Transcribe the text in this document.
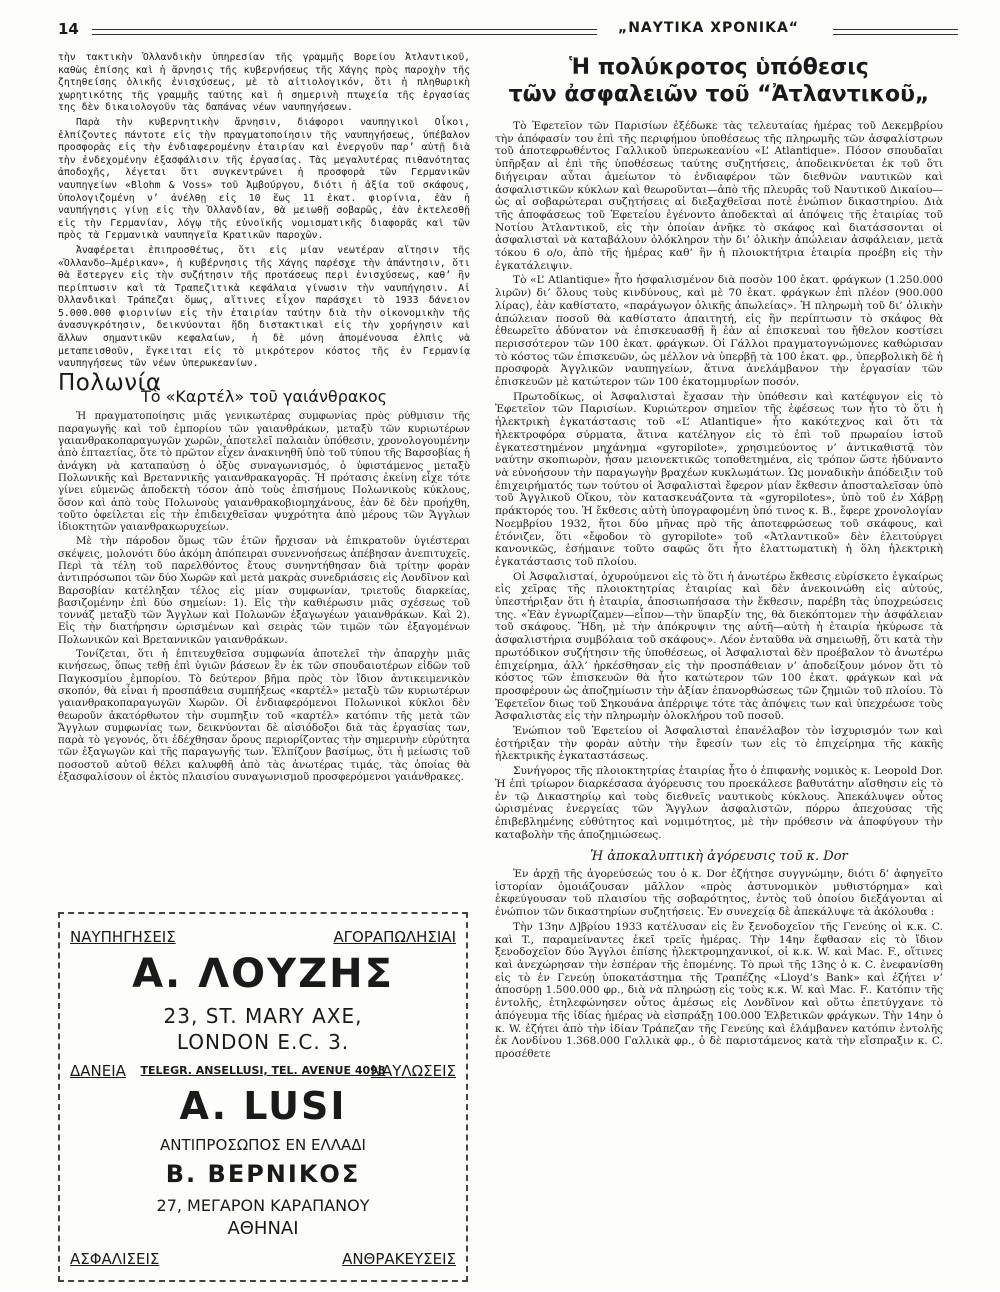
14	„ΝΑΥΤΙΚΑ ΧΡΟΝΙΚΑ“

τὴν τακτικὴν Ὁλλανδικὴν ὑπηρεσίαν τῆς γραμμῆς Βορείου Ἀτλαντικοῦ, καθὼς ἐπίσης καὶ ἡ ἄρνησις τῆς κυβερνήσεως τῆς Χάγης πρὸς παροχὴν τῆς ζητηθείσης ὁλικῆς ἐνισχύσεως, μὲ τὸ αἰτιολογικόν, ὅτι ἡ πληθωρικὴ χωρητικότης τῆς γραμμῆς ταύτης καὶ ἡ σημερινὴ πτωχεία τῆς ἐργασίας της δὲν δικαιολογοῦν τὰς δαπάνας νέων ναυπηγήσεων.

Παρὰ τὴν κυβερνητικὴν ἄρνησιν, διάφοροι ναυπηγικοὶ Οἶκοι, ἐλπίζοντες πάντοτε εἰς τὴν πραγματοποίησιν τῆς ναυπηγήσεως, ὑπέβαλον προσφορὰς εἰς τὴν ἐνδιαφερομένην ἑταιρίαν καὶ ἐνεργοῦν παρ’ αὐτῇ διὰ τὴν ἐνδεχομένην ἐξασφάλισιν τῆς ἐργασίας. Τὰς μεγαλυτέρας πιθανότητας ἀποδοχῆς, λέγεται ὅτι συγκεντρώνει ἡ προσφορὰ τῶν Γερμανικῶν ναυπηγείων «Blohm & Voss» τοῦ Ἀμβούργου, διότι ἡ ἀξία τοῦ σκάφους, ὑπολογιζομένη ν’ ἀνέλθῃ εἰς 10 ἕως 11 ἑκατ. φιορίνια, ἐὰν ἡ ναυπήγησις γίνῃ εἰς τὴν Ὁλλανδίαν, θὰ μειωθῇ σοβαρῶς, ἐὰν ἐκτελεσθῇ εἰς τὴν Γερμανίαν, λόγῳ τῆς εὐνοϊκῆς νομισματικῆς διαφορᾶς καὶ τῶν πρὸς τὰ Γερμανικὰ ναυπηγεῖα Κρατικῶν παροχῶν.

Ἀναφέρεται ἐπιπροσθέτως, ὅτι εἰς μίαν νεωτέραν αἴτησιν τῆς «Ὁλλανδο—Ἀμέρικαν», ἡ κυβέρνησις τῆς Χάγης παρέσχε τὴν ἀπάντησιν, ὅτι θὰ ἔστεργεν εἰς τὴν συζήτησιν τῆς προτάσεως περὶ ἐνισχύσεως, καθ’ ἣν περίπτωσιν καὶ τὰ Τραπεζιτικὰ κεφάλαια γίνωσιν τὴν ναυπήγησιν. Αἱ Ὁλλανδικαὶ Τράπεζαι ὅμως, αἵτινες εἶχον παράσχει τὸ 1933 δάνειον 5.000.000 φιορινίων εἰς τὴν ἑταιρίαν ταύτην διὰ τὴν οἰκονομικὴν τῆς ἀνασυγκρότησιν, δεικνύονται ἤδη διστακτικαὶ εἰς τὴν χορήγησιν καὶ ἄλλων σημαντικῶν κεφαλαίων, ἡ δὲ μόνη ἀπομένουσα ἐλπὶς νὰ μεταπεισθοῦν, ἔγκειται εἰς τὸ μικρότερον κόστος τῆς ἐν Γερμανίᾳ ναυπηγήσεως τῶν νέων ὑπερωκεανίων.

Πολωνία
Τὸ «Καρτέλ» τοῦ γαιάνθρακος

Ἡ πραγματοποίησις μιᾶς γενικωτέρας συμφωνίας πρὸς ρύθμισιν τῆς παραγωγῆς καὶ τοῦ ἐμπορίου τῶν γαιανθράκων, μεταξὺ τῶν κυριωτέρων γαιανθρακοπαραγωγῶν χωρῶν, ἀποτελεῖ παλαιὰν ὑπόθεσιν, χρονολογουμένην ἀπὸ ἑπταετίας, ὅτε τὸ πρῶτον εἶχεν ἀνακινηθῆ ὑπὸ τοῦ τύπου τῆς Βαρσοβίας ἡ ἀνάγκη νὰ καταπαύσῃ ὁ ὀξὺς συναγωνισμός, ὁ ὑφιστάμενος μεταξὺ Πολωνικῆς καὶ Βρεταννικῆς γαιανθρακαγορᾶς. Ἡ πρότασις ἐκείνη εἶχε τότε γίνει εὐμενῶς ἀποδεκτὴ τόσον ἀπὸ τοὺς ἐπισήμους Πολωνικοὺς κύκλους, ὅσον καὶ ἀπὸ τοὺς Πολωνοὺς γαιανθρακοβιομηχάνους, ἐὰν δὲ δὲν προήχθη, τοῦτο ὀφείλεται εἰς τὴν ἐπιδειχθεῖσαν ψυχρότητα ἀπὸ μέρους τῶν Ἄγγλων ἰδιοκτητῶν γαιανθρακωρυχείων.

Μὲ τὴν πάροδον ὅμως τῶν ἐτῶν ἤρχισαν νὰ ἐπικρατοῦν ὑγιέστεραι σκέψεις, μολονότι δύο ἀκόμη ἀπόπειραι συνεννοήσεως ἀπέβησαν ἀνεπιτυχεῖς. Περὶ τὰ τέλη τοῦ παρελθόντος ἔτους συνηντήθησαν διὰ τρίτην φορὰν ἀντιπρόσωποι τῶν δύο Χωρῶν καὶ μετὰ μακρὰς συνεδριάσεις εἰς Λονδῖνον καὶ Βαρσοβίαν κατέληξαν τέλος εἰς μίαν συμφωνίαν, τριετοῦς διαρκείας, βασιζομένην ἐπὶ δύο σημείων: 1). Εἰς τὴν καθιέρωσιν μιᾶς σχέσεως τοῦ τοννάζ μεταξὺ τῶν Ἄγγλων καὶ Πολωνῶν ἐξαγωγέων γαιανθράκων. Καὶ 2). Εἰς τὴν διατήρησιν ὡρισμένων καὶ σειρὰς τῶν τιμῶν τῶν ἐξαγομένων Πολωνικῶν καὶ Βρεταννικῶν γαιανθράκων.

Τονίζεται, ὅτι ἡ ἐπιτευχθεῖσα συμφωνία ἀποτελεῖ τὴν ἀπαρχὴν μιᾶς κινήσεως, ὅπως τεθῇ ἐπὶ ὑγιῶν βάσεων ἓν ἐκ τῶν σπουδαιοτέρων εἰδῶν τοῦ Παγκοσμίου ἐμπορίου. Τὸ δεύτερον βῆμα πρὸς τὸν ἴδιον ἀντικειμενικὸν σκοπόν, θὰ εἶναι ἡ προσπάθεια συμπήξεως «καρτέλ» μεταξὺ τῶν κυριωτέρων γαιανθρακοπαραγωγῶν Χωρῶν. Οἱ ἐνδιαφερόμενοι Πολωνικοὶ κύκλοι δὲν θεωροῦν ἀκατόρθωτον τὴν συμπηξιν τοῦ «καρτέλ» κατόπιν τῆς μετὰ τῶν Ἄγγλων συμφωνίας των, δεικνύονται δὲ αἰσιόδοξοι διὰ τὰς ἐργασίας των, παρὰ τὸ γεγονός, ὅτι ἐδέχθησαν ὅρους περιορίζοντας τὴν σημερινὴν εὐρύτητα τῶν ἐξαγωγῶν καὶ τῆς παραγωγῆς των. Ἐλπίζουν βασίμως, ὅτι ἡ μείωσις τοῦ ποσοστοῦ αὐτοῦ θέλει καλυφθῆ ἀπὸ τὰς ἀνωτέρας τιμάς, τὰς ὁποίας θὰ ἐξασφαλίσουν οἱ ἐκτὸς πλαισίου συναγωνισμοῦ προσφερόμενοι γαιάνθρακες.

ΝΑΥΠΗΓΗΣΕΙΣ	ΑΓΟΡΑΠΩΛΗΣΙΑΙ
Α. ΛΟΥΖΗΣ
23, ST. MARY AXE,
LONDON E.C. 3.
ΔΑΝΕΙΑ	TELEGR. ANSELLUSI, TEL. AVENUE 4098
ΝΑΥΛΩΣΕΙΣ
A. LUSI
ΑΝΤΙΠΡΟΣΩΠΟΣ ΕΝ ΕΛΛΑΔΙ
Β. ΒΕΡΝΙΚΟΣ
27, ΜΕΓΑΡΟΝ ΚΑΡΑΠΑΝΟΥ
ΑΘΗΝΑΙ
ΑΣΦΑΛΙΣΕΙΣ	ΑΝΘΡΑΚΕΥΣΕΙΣ
Ἡ πολύκροτος ὑπόθεσις
τῶν ἀσφαλειῶν τοῦ “Ἀτλαντικοῦ„

Τὸ Ἐφετεῖον τῶν Παρισίων ἐξέδωκε τὰς τελευταίας ἡμέρας τοῦ Δεκεμβρίου τὴν ἀπόφασίν του ἐπὶ τῆς περιφήμου ὑποθέσεως τῆς πληρωμῆς τῶν ἀσφαλίστρων τοῦ ἀποτεφρωθέντος Γαλλικοῦ ὑπερωκεανίου «L’ Atlantique». Πόσον σπουδαῖαι ὑπῆρξαν αἱ ἐπὶ τῆς ὑποθέσεως ταύτης συζητήσεις, ἀποδεικνύεται ἐκ τοῦ ὅτι διήγειραν αὗται ἀμείωτον τὸ ἐνδιαφέρον τῶν διεθνῶν ναυτικῶν καὶ ἀσφαλιστικῶν κύκλων καὶ θεωροῦνται—ἀπὸ τῆς πλευρᾶς τοῦ Ναυτικοῦ Δικαίου—ὡς αἱ σοβαρώτεραι συζητήσεις αἱ διεξαχθεῖσαι ποτὲ ἐνώπιον δικαστηρίου. Διὰ τῆς ἀποφάσεως τοῦ Ἐφετείου ἐγένοντο ἀποδεκταὶ αἱ ἀπόψεις τῆς ἑταιρίας τοῦ Νοτίου Ἀτλαντικοῦ, εἰς τὴν ὁποίαν ἀνῆκε τὸ σκάφος καὶ διατάσσονται οἱ ἀσφαλισταὶ νὰ καταβάλουν ὁλόκληρον τὴν δι’ ὁλικὴν ἀπώλειαν ἀσφάλειαν, μετὰ τόκου 6 ο/ο, ἀπὸ τῆς ἡμέρας καθ’ ἣν ἡ πλοιοκτήτρια ἑταιρία προέβη εἰς τὴν ἐγκατάλειψιν.

Τὸ «L’ Atlantique» ἦτο ἠσφαλισμένον διὰ ποσὸν 100 ἑκατ. φράγκων (1.250.000 λιρῶν) δι’ ὅλους τοὺς κινδύνους, καὶ μὲ 70 ἑκατ. φράγκων ἐπὶ πλέον (900.000 λίρας), ἐὰν καθίστατο, «παράγωγον ὁλικῆς ἀπωλείας». Ἡ πληρωμὴ τοῦ δι’ ὁλικὴν ἀπώλειαν ποσοῦ θὰ καθίστατο ἀπαιτητή, εἰς ἣν περίπτωσιν τὸ σκάφος θὰ ἐθεωρεῖτο ἀδύνατον νὰ ἐπισκευασθῇ ἢ ἐὰν αἱ ἐπισκευαὶ του ἤθελον κοστίσει περισσότερον τῶν 100 ἑκατ. φράγκων. Οἱ Γάλλοι πραγματογνώμονες καθώρισαν τὸ κόστος τῶν ἐπισκευῶν, ὡς μέλλον νὰ ὑπερβῇ τὰ 100 ἑκατ. φρ., ὑπερβολικὴ δὲ ἡ προσφορὰ Ἀγγλικῶν ναυπηγείων, ἅτινα ἀνελάμβανον τὴν ἐργασίαν τῶν ἐπισκευῶν μὲ κατώτερον τῶν 100 ἑκατομμυρίων ποσόν.

Πρωτοδίκως, οἱ Ἀσφαλισταὶ ἔχασαν τὴν ὑπόθεσιν καὶ κατέφυγον εἰς τὸ Ἐφετεῖον τῶν Παρισίων. Κυριώτερον σημεῖον τῆς ἐφέσεως των ἦτο τὸ ὅτι ἡ ἠλεκτρικὴ ἐγκατάστασις τοῦ «L’ Atlantique» ἦτο κακότεχνος καὶ ὅτι τὰ ἠλεκτροφόρα σύρματα, ἅτινα κατέληγον εἰς τὸ ἐπὶ τοῦ πρωραίου ἱστοῦ ἐγκατεστημένον μηχάνημα «gyropilote», χρησιμεύοντος ν’ ἀντικαθιστᾷ τὸν ναύτην σκοπιωρὸν, ἦσαν μειονεκτικῶς τοποθετημένα, εἰς τρόπον ὥστε ἠδύναντο νὰ εὐνοήσουν τὴν παραγωγὴν βραχέων κυκλωμάτων. Ὡς μοναδικὴν ἀπόδειξιν τοῦ ἐπιχειρήματός των τούτου οἱ Ἀσφαλισταὶ ἔφερον μίαν ἔκθεσιν ἀποσταλεῖσαν ὑπὸ τοῦ Ἀγγλικοῦ Οἴκου, τὸν κατασκευάζοντα τὰ «gyropilotes», ὑπὸ τοῦ ἐν Χάβρῃ πράκτορός του. Ἡ ἔκθεσις αὐτὴ ὑπογραφομένη ὑπό τινος κ. Β., ἔφερε χρονολογίαν Νοεμβρίου 1932, ἤτοι δύο μῆνας πρὸ τῆς ἀποτεφρώσεως τοῦ σκάφους, καὶ ἐτόνιζεν, ὅτι «ἔφοδον τὸ gyropilote» τοῦ «Ἀτλαντικοῦ» δὲν ἐλειτούργει κανονικῶς, ἐσήμαινε τοῦτο σαφῶς ὅτι ἦτο ἐλαττωματικὴ ἡ ὅλη ἠλεκτρικὴ ἐγκατάστασις τοῦ πλοίου.

Οἱ Ἀσφαλισταί, ὀχυρούμενοι εἰς τὸ ὅτι ἡ ἀνωτέρω ἔκθεσις εὑρίσκετο ἐγκαίρως εἰς χεῖρας τῆς πλοιοκτητρίας ἑταιρίας καὶ δὲν ἀνεκοινώθη εἰς αὐτούς, ὑπεστήριξαν ὅτι ἡ ἑταιρία, ἀποσιωπήσασα τὴν ἔκθεσιν, παρέβη τὰς ὑποχρεώσεις της. «Ἐὰν ἐγνωρίζαμεν—εἶπον—τὴν ὕπαρξίν της, θὰ διεκόπτομεν τὴν ἀσφάλειαν τοῦ σκάφους. Ἤδη, μὲ τὴν ἀπόκρυψιν της αὐτῆ—αὐτὴ ἡ ἑταιρία ἠκύρωσε τὰ ἀσφαλιστήρια συμβόλαια τοῦ σκάφους». Λέον ἐνταῦθα νὰ σημειωθῇ, ὅτι κατὰ τὴν πρωτόδικον συζήτησιν τῆς ὑποθέσεως, οἱ Ἀσφαλισταὶ δὲν προέβαλον τὸ ἀνωτέρω ἐπιχείρημα, ἀλλ’ ἠρκέσθησαν εἰς τὴν προσπάθειαν ν’ ἀποδείξουν μόνον ὅτι τὸ κόστος τῶν ἐπισκευῶν θὰ ἦτο κατώτερον τῶν 100 ἑκατ. φράγκων καὶ νὰ προσφέρουν ὡς ἀποζημίωσιν τὴν ἀξίαν ἐπανορθώσεως τῶν ζημιῶν τοῦ πλοίου. Τὸ Ἐφετεῖον διως τοῦ Σηκουάνα ἀπέρριψε τότε τὰς ἀπόψεις των καὶ ὑπεχρέωσε τοὺς Ἀσφαλιστὰς εἰς τὴν πληρωμὴν ὁλοκλήρου τοῦ ποσοῦ.

Ἐνώπιον τοῦ Ἐφετείου οἱ Ἀσφαλισταὶ ἐπανέλαβον τὸν ἰσχυρισμόν των καὶ ἐστήριξαν τὴν φορὰν αὐτὴν τὴν ἔφεσίν των εἰς τὸ ἐπιχείρημα τῆς κακῆς ἠλεκτρικῆς ἐγκαταστάσεως.

Συνήγορος τῆς πλοιοκτητρίας ἑταιρίας ἦτο ὁ ἐπιφανὴς νομικὸς κ. Leopold Dor. Ἡ ἐπὶ τρίωρον διαρκέσασα ἀγόρευσις του προεκάλεσε βαθυτάτην αἴσθησιν εἰς τὸ ἐν τῷ Δικαστηρίῳ καὶ τοὺς διεθνεῖς ναυτικοὺς κύκλους. Ἀπεκάλυψεν οὗτος ὡρισμένας ἐνεργείας τῶν Ἄγγλων ἀσφαλιστῶν, πόρρω ἀπεχούσας τῆς ἐπιβεβλημένης εὐθύτητος καὶ νομιμότητος, μὲ τὴν πρόθεσιν νὰ ἀποφύγουν τὴν καταβολὴν τῆς ἀποζημιώσεως.

Ἡ ἀποκαλυπτικὴ ἀγόρευσις τοῦ κ. Dor

Ἐν ἀρχῇ τῆς ἀγορεύσεώς του ὁ κ. Dor ἐζήτησε συγγνώμην, διότι δ’ ἀφηγεῖτο ἱστορίαν ὁμοιάζουσαν μᾶλλον «πρὸς ἀστυνομικὸν μυθιστόρημα» καὶ ἐκφεύγουσαν τοῦ πλαισίου τῆς σοβαρότητος, ἐντὸς τοῦ ὁποίου διεξάγονται αἱ ἐνώπιον τῶν δικαστηρίων συζητήσεις. Ἐν συνεχείᾳ δὲ ἀπεκάλυψε τὰ ἀκόλουθα :

Τὴν 13ην Δ]βρίου 1933 κατέλυσαν εἰς ἓν ξενοδοχεῖον τῆς Γενεύης οἱ κ.κ. C. καὶ T., παραμείναντες ἐκεῖ τρεῖς ἡμέρας. Τὴν 14ην ἔφθασαν εἰς τὸ ἴδιον ξενοδοχεῖον δύο Ἄγγλοι ἐπίσης ἠλεκτρομηχανικοί, οἱ κ.κ. W. καὶ Mac. F., οἵτινες καὶ ἀνεχώρησαν τὴν ἑσπέραν τῆς ἐπομένης. Τὸ πρωὶ τῆς 13ης ὁ κ. C. ἐνεφανίσθη εἰς τὸ ἐν Γενεύῃ ὑποκατάστημα τῆς Τραπέζης «Lloyd’s Bank» καὶ ἐζήτει ν’ ἀποσύρῃ 1.500.000 φρ., διὰ νὰ πληρώσῃ εἰς τοὺς κ.κ. W. καὶ Mac. F.. Κατόπιν τῆς ἐντολῆς, ἐτηλεφώνησεν οὗτος ἀμέσως εἰς Λονδῖνον καὶ οὕτω ἐπετύγχανε τὸ ἀπόγευμα τῆς ἰδίας ἡμέρας νὰ εἰσπράξῃ 100.000 Ἑλβετικῶν φράγκων. Τὴν 14ην ὁ κ. W. ἐζήτει ἀπὸ τὴν ἰδίαν Τράπεζαν τῆς Γενεύης καὶ ἐλάμβανεν κατόπιν ἐντολῆς ἐκ Λονδίνου 1.368.000 Γαλλικὰ φρ., ὁ δὲ παριστάμενος κατὰ τὴν εἴσπραξιν κ. C. προσέθετε
